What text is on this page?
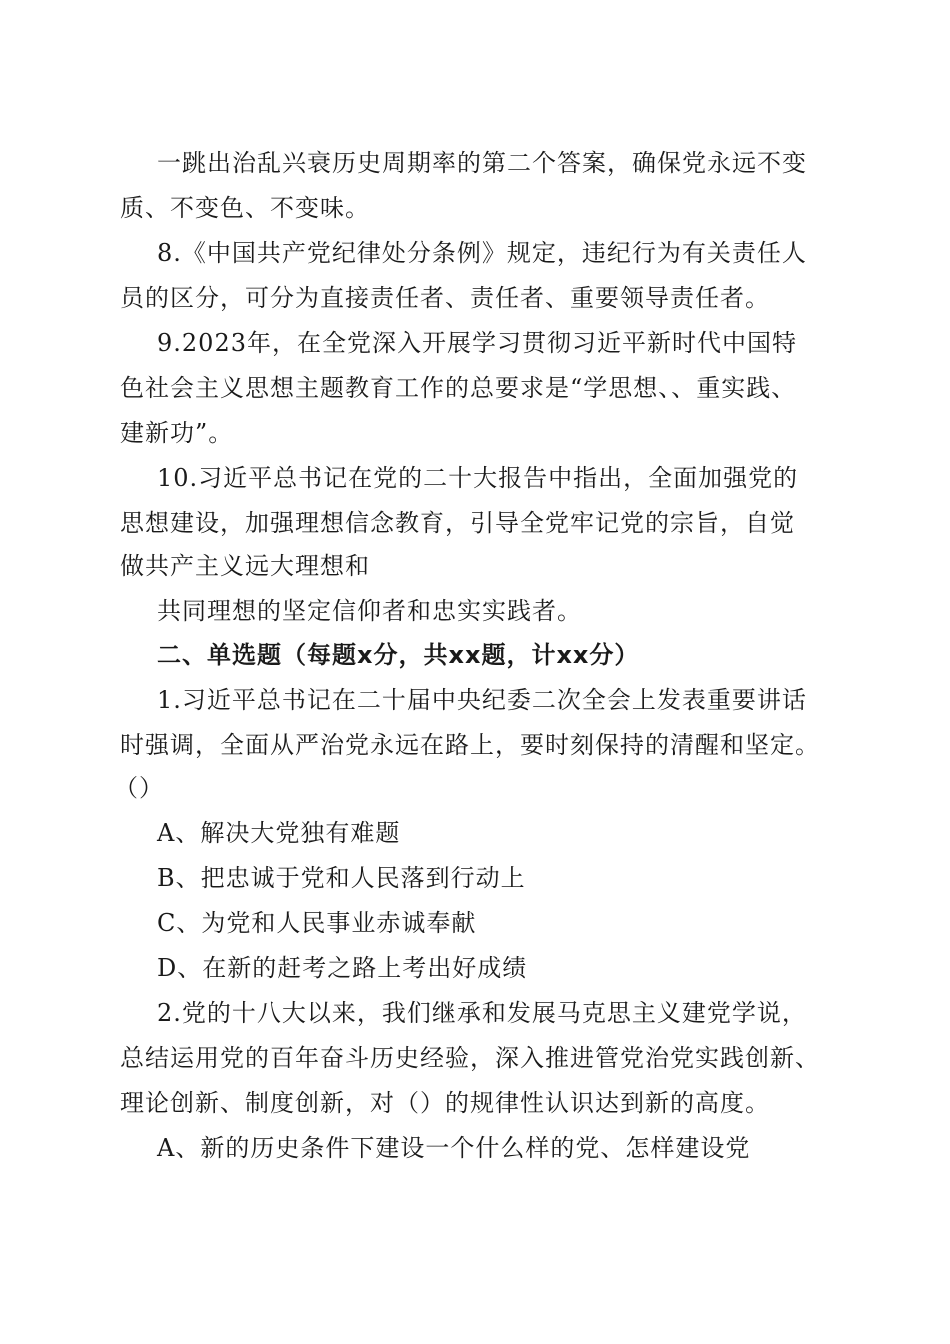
一跳出治乱兴衰历史周期率的第二个答案，确保党永远不变
质、不变色、不变味。
8.《中国共产党纪律处分条例》规定，违纪行为有关责任人
员的区分，可分为直接责任者、责任者、重要领导责任者。
9.2023年，在全党深入开展学习贯彻习近平新时代中国特
色社会主义思想主题教育工作的总要求是“学思想、、重实践、
建新功”。
10.习近平总书记在党的二十大报告中指出，全面加强党的
思想建设，加强理想信念教育，引导全党牢记党的宗旨，自觉
做共产主义远大理想和
共同理想的坚定信仰者和忠实实践者。
二、单选题（每题x分，共xx题，计xx分）
1.习近平总书记在二十届中央纪委二次全会上发表重要讲话
时强调，全面从严治党永远在路上，要时刻保持的清醒和坚定。
（）
A、解决大党独有难题
B、把忠诚于党和人民落到行动上
C、为党和人民事业赤诚奉献
D、在新的赶考之路上考出好成绩
2.党的十八大以来，我们继承和发展马克思主义建党学说，
总结运用党的百年奋斗历史经验，深入推进管党治党实践创新、
理论创新、制度创新，对（）的规律性认识达到新的高度。
A、新的历史条件下建设一个什么样的党、怎样建设党
